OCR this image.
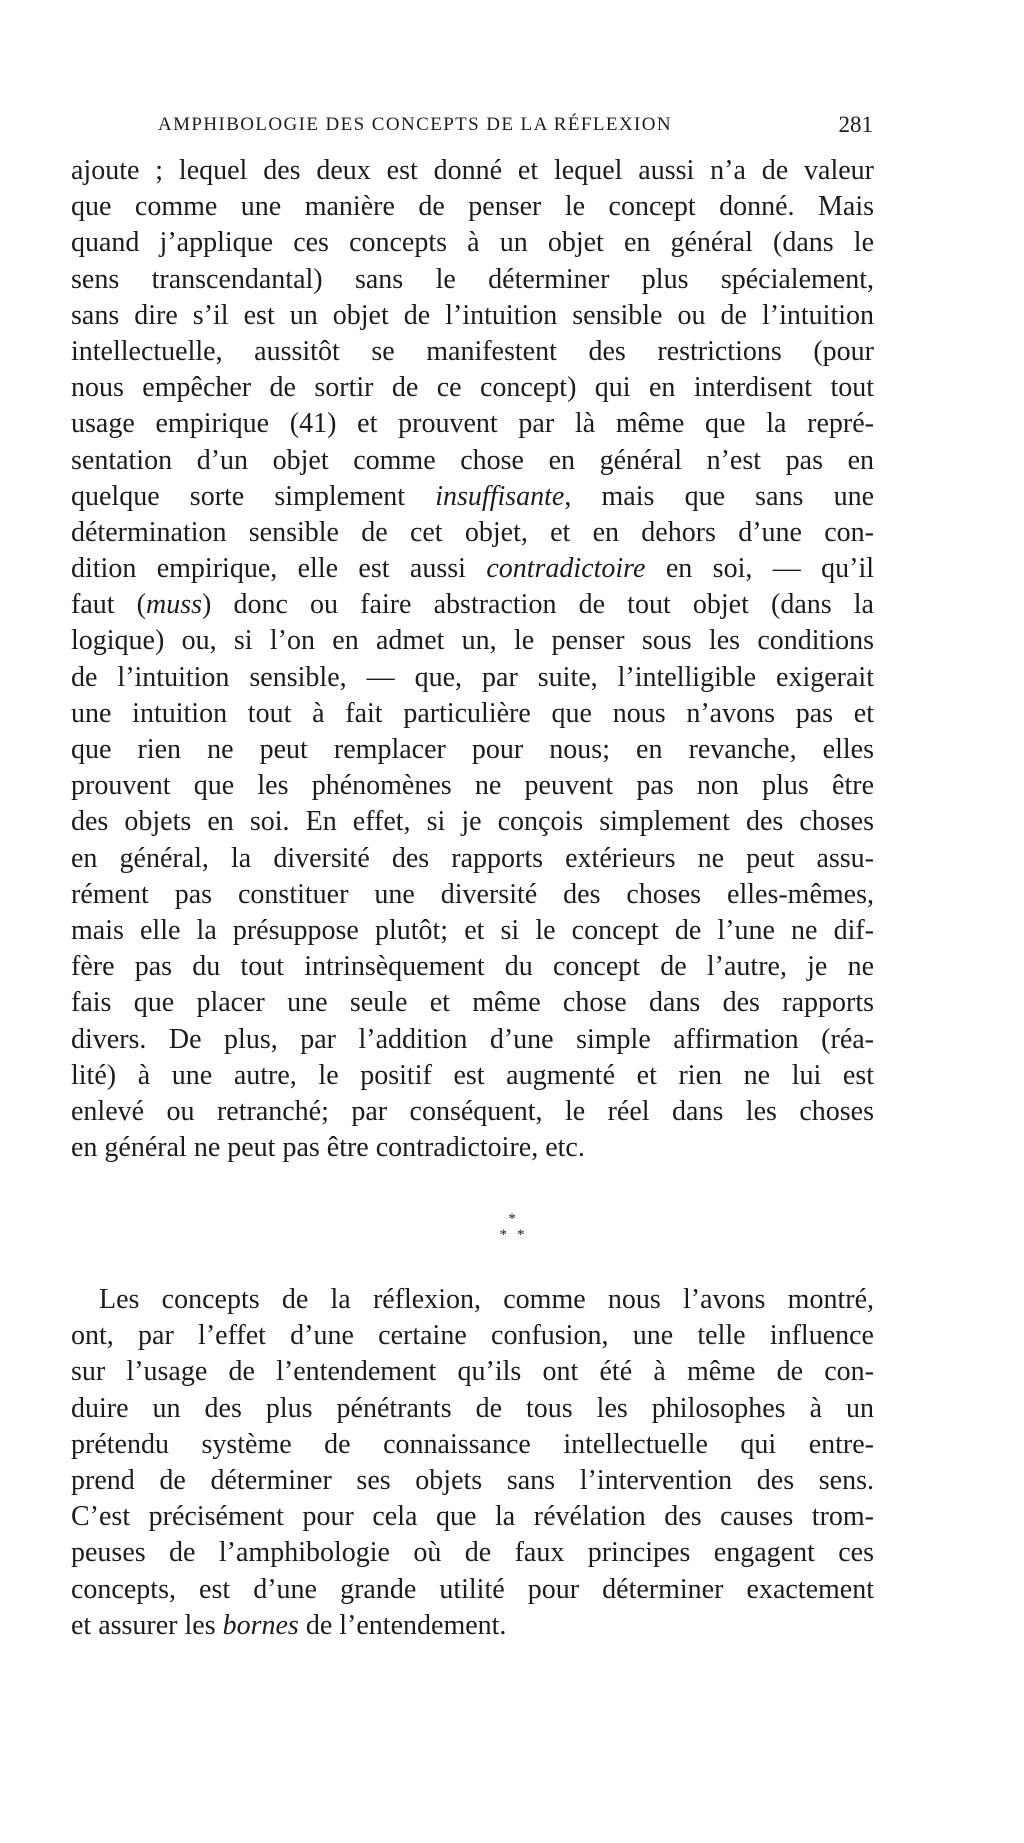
AMPHIBOLOGIE DES CONCEPTS DE LA RÉFLEXION	281
ajoute ; lequel des deux est donné et lequel aussi n’a de valeur
que comme une manière de penser le concept donné. Mais
quand j’applique ces concepts à un objet en général (dans le
sens transcendantal) sans le déterminer plus spécialement,
sans dire s’il est un objet de l’intuition sensible ou de l’intuition
intellectuelle, aussitôt se manifestent des restrictions (pour
nous empêcher de sortir de ce concept) qui en interdisent tout
usage empirique (41) et prouvent par là même que la repré-
sentation d’un objet comme chose en général n’est pas en
quelque sorte simplement insuffisante, mais que sans une
détermination sensible de cet objet, et en dehors d’une con-
dition empirique, elle est aussi contradictoire en soi, — qu’il
faut (muss) donc ou faire abstraction de tout objet (dans la
logique) ou, si l’on en admet un, le penser sous les conditions
de l’intuition sensible, — que, par suite, l’intelligible exigerait
une intuition tout à fait particulière que nous n’avons pas et
que rien ne peut remplacer pour nous; en revanche, elles
prouvent que les phénomènes ne peuvent pas non plus être
des objets en soi. En effet, si je conçois simplement des choses
en général, la diversité des rapports extérieurs ne peut assu-
rément pas constituer une diversité des choses elles-mêmes,
mais elle la présuppose plutôt; et si le concept de l’une ne dif-
fère pas du tout intrinsèquement du concept de l’autre, je ne
fais que placer une seule et même chose dans des rapports
divers. De plus, par l’addition d’une simple affirmation (réa-
lité) à une autre, le positif est augmenté et rien ne lui est
enlevé ou retranché; par conséquent, le réel dans les choses
en général ne peut pas être contradictoire, etc.
*
* *
Les concepts de la réflexion, comme nous l’avons montré,
ont, par l’effet d’une certaine confusion, une telle influence
sur l’usage de l’entendement qu’ils ont été à même de con-
duire un des plus pénétrants de tous les philosophes à un
prétendu système de connaissance intellectuelle qui entre-
prend de déterminer ses objets sans l’intervention des sens.
C’est précisément pour cela que la révélation des causes trom-
peuses de l’amphibologie où de faux principes engagent ces
concepts, est d’une grande utilité pour déterminer exactement
et assurer les bornes de l’entendement.
